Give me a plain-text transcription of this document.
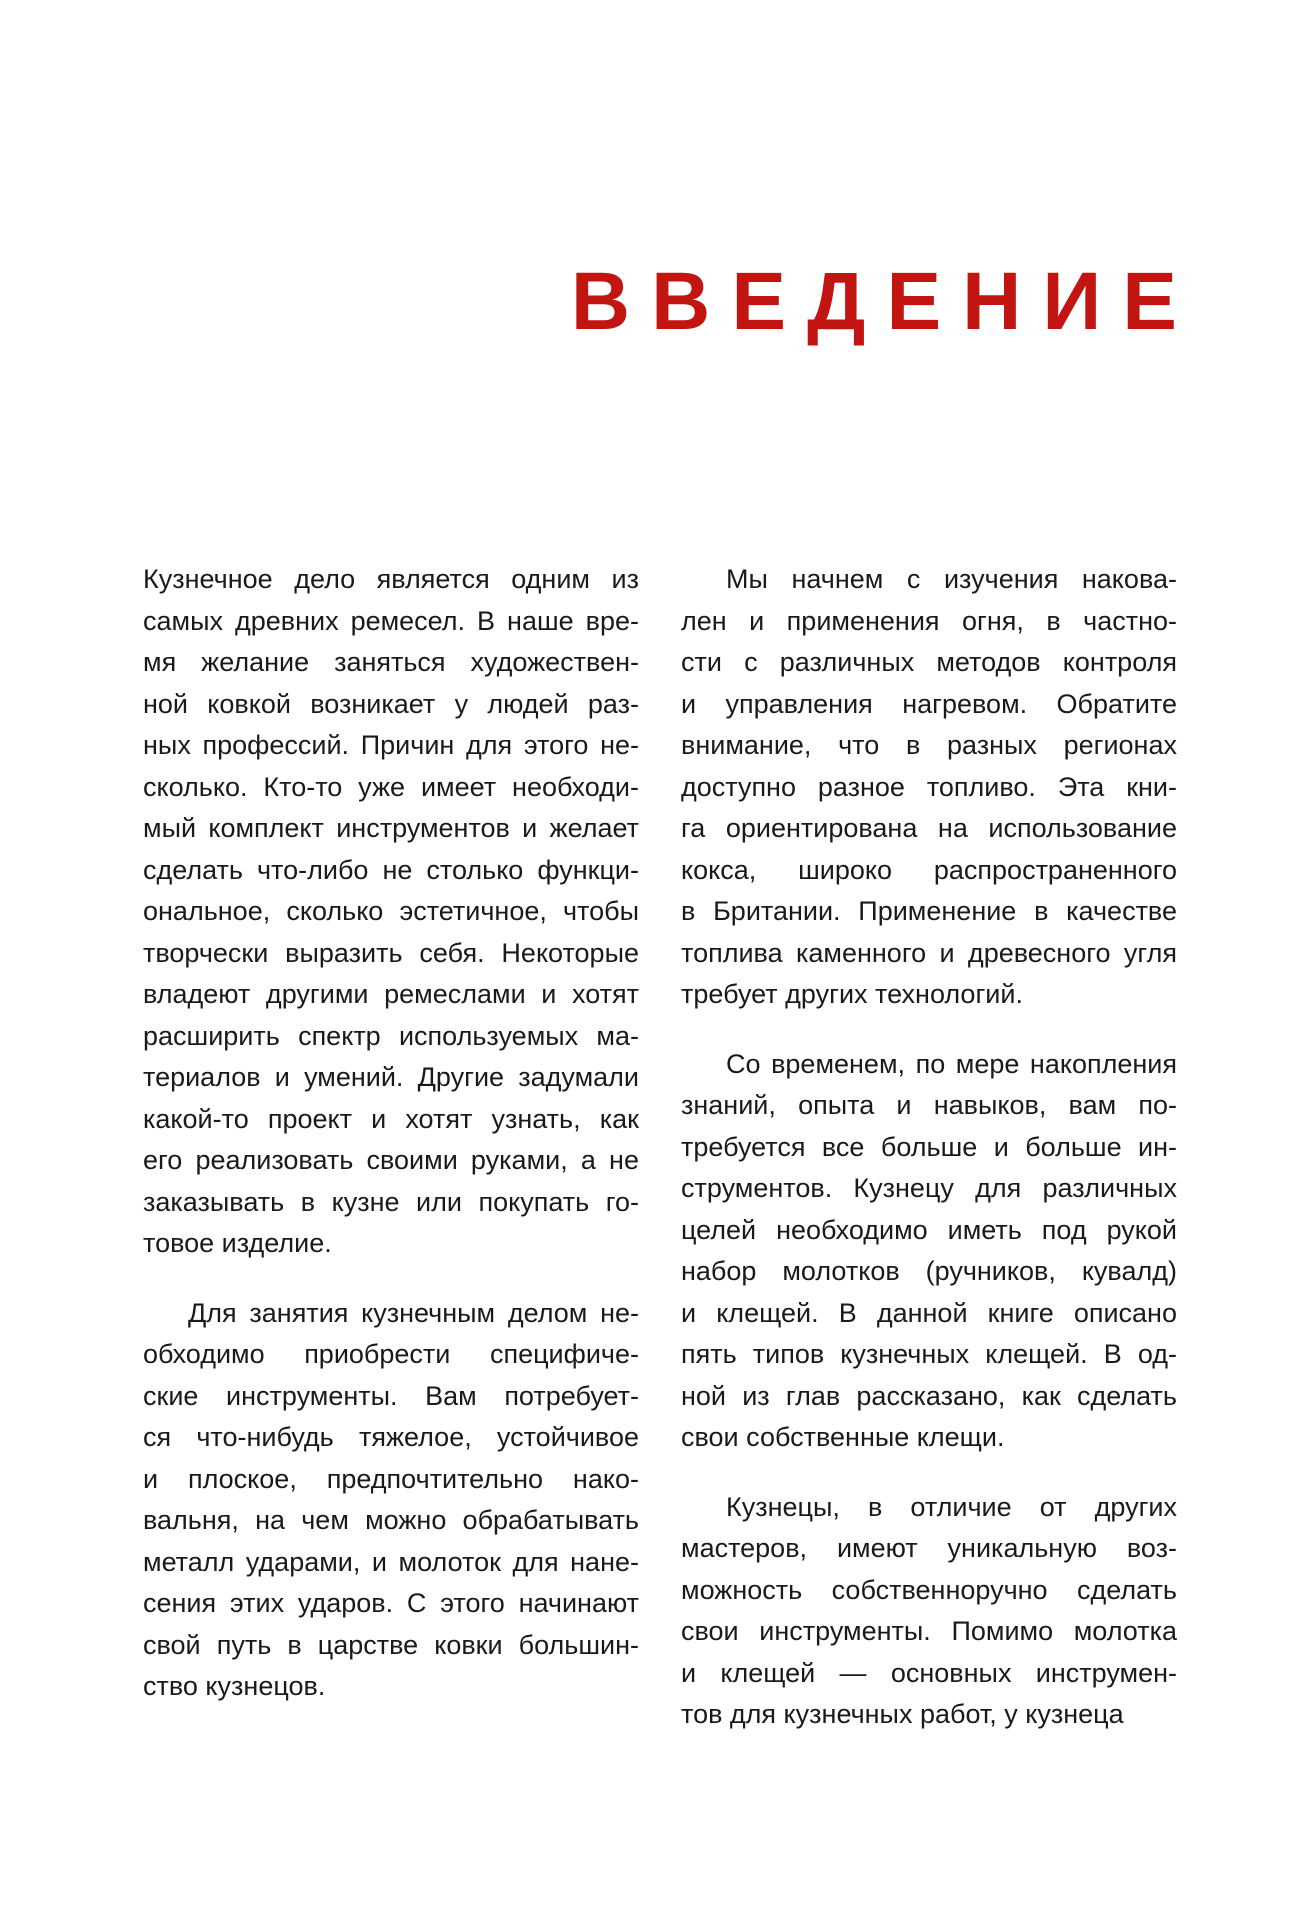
ВВЕДЕНИЕ
Кузнечное дело является одним из
самых древних ремесел. В наше вре-
мя желание заняться художествен-
ной ковкой возникает у людей раз-
ных профессий. Причин для этого не-
сколько. Кто-то уже имеет необходи-
мый комплект инструментов и желает
сделать что-либо не столько функци-
ональное, сколько эстетичное, чтобы
творчески выразить себя. Некоторые
владеют другими ремеслами и хотят
расширить спектр используемых ма-
териалов и умений. Другие задумали
какой-то проект и хотят узнать, как
его реализовать своими руками, а не
заказывать в кузне или покупать го-
товое изделие.
Для занятия кузнечным делом не-
обходимо приобрести специфиче-
ские инструменты. Вам потребует-
ся что-нибудь тяжелое, устойчивое
и плоское, предпочтительно нако-
вальня, на чем можно обрабатывать
металл ударами, и молоток для нане-
сения этих ударов. С этого начинают
свой путь в царстве ковки большин-
ство кузнецов.
Мы начнем с изучения накова-
лен и применения огня, в частно-
сти с различных методов контроля
и управления нагревом. Обратите
внимание, что в разных регионах
доступно разное топливо. Эта кни-
га ориентирована на использование
кокса, широко распространенного
в Британии. Применение в качестве
топлива каменного и древесного угля
требует других технологий.
Со временем, по мере накопления
знаний, опыта и навыков, вам по-
требуется все больше и больше ин-
струментов. Кузнецу для различных
целей необходимо иметь под рукой
набор молотков (ручников, кувалд)
и клещей. В данной книге описано
пять типов кузнечных клещей. В од-
ной из глав рассказано, как сделать
свои собственные клещи.
Кузнецы, в отличие от других
мастеров, имеют уникальную воз-
можность собственноручно сделать
свои инструменты. Помимо молотка
и клещей — основных инструмен-
тов для кузнечных работ, у кузнеца
